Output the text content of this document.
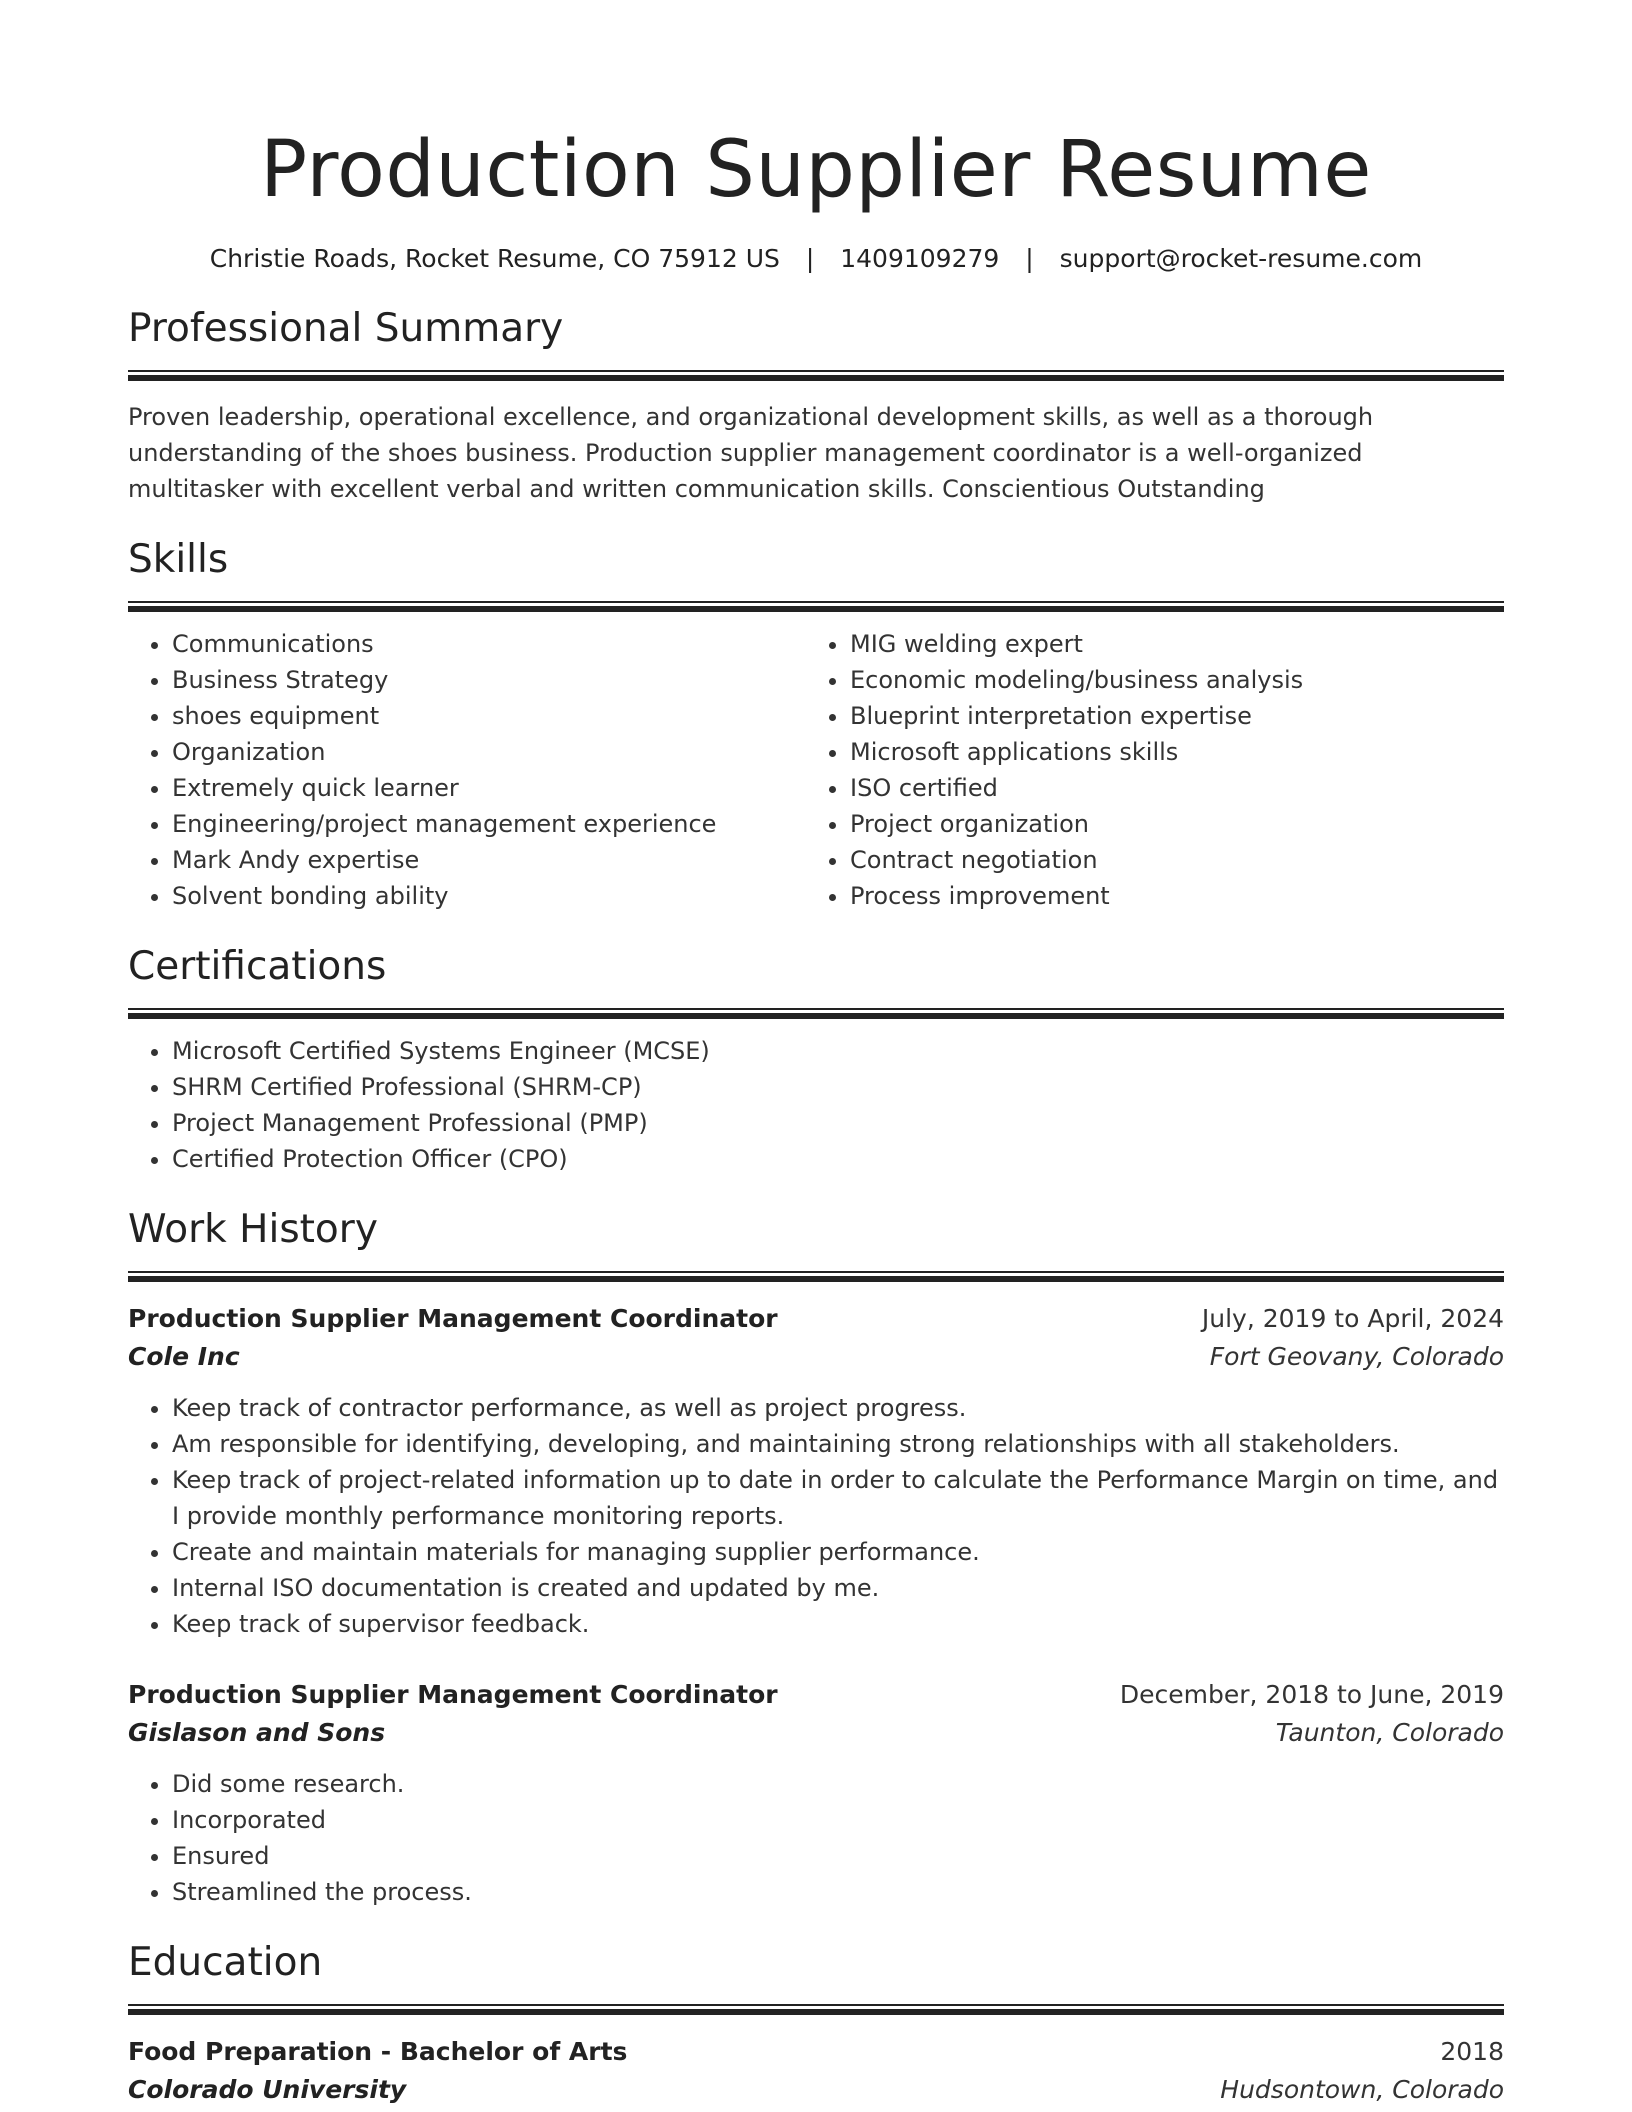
Production Supplier Resume
Christie Roads, Rocket Resume, CO 75912 US | 1409109279 | support@rocket-resume.com
Professional Summary

Proven leadership, operational excellence, and organizational development skills, as well as a thorough understanding of the shoes business. Production supplier management coordinator is a well-organized multitasker with excellent verbal and written communication skills. Conscientious Outstanding

Skills
• Communications
• Business Strategy
• shoes equipment
• Organization
• Extremely quick learner
• Engineering/project management experience
• Mark Andy expertise
• Solvent bonding ability
• MIG welding expert
• Economic modeling/business analysis
• Blueprint interpretation expertise
• Microsoft applications skills
• ISO certified
• Project organization
• Contract negotiation
• Process improvement
Certifications
• Microsoft Certified Systems Engineer (MCSE)
• SHRM Certified Professional (SHRM-CP)
• Project Management Professional (PMP)
• Certified Protection Officer (CPO)
Work History
Production Supplier Management Coordinator	July, 2019 to April, 2024
Cole Inc	Fort Geovany, Colorado
• Keep track of contractor performance, as well as project progress.
• Am responsible for identifying, developing, and maintaining strong relationships with all stakeholders.
• Keep track of project-related information up to date in order to calculate the Performance Margin on time, and I provide monthly performance monitoring reports.
• Create and maintain materials for managing supplier performance.
• Internal ISO documentation is created and updated by me.
• Keep track of supervisor feedback.
Production Supplier Management Coordinator	December, 2018 to June, 2019
Gislason and Sons	Taunton, Colorado
• Did some research.
• Incorporated
• Ensured
• Streamlined the process.
Education
Food Preparation - Bachelor of Arts	2018
Colorado University	Hudsontown, Colorado
